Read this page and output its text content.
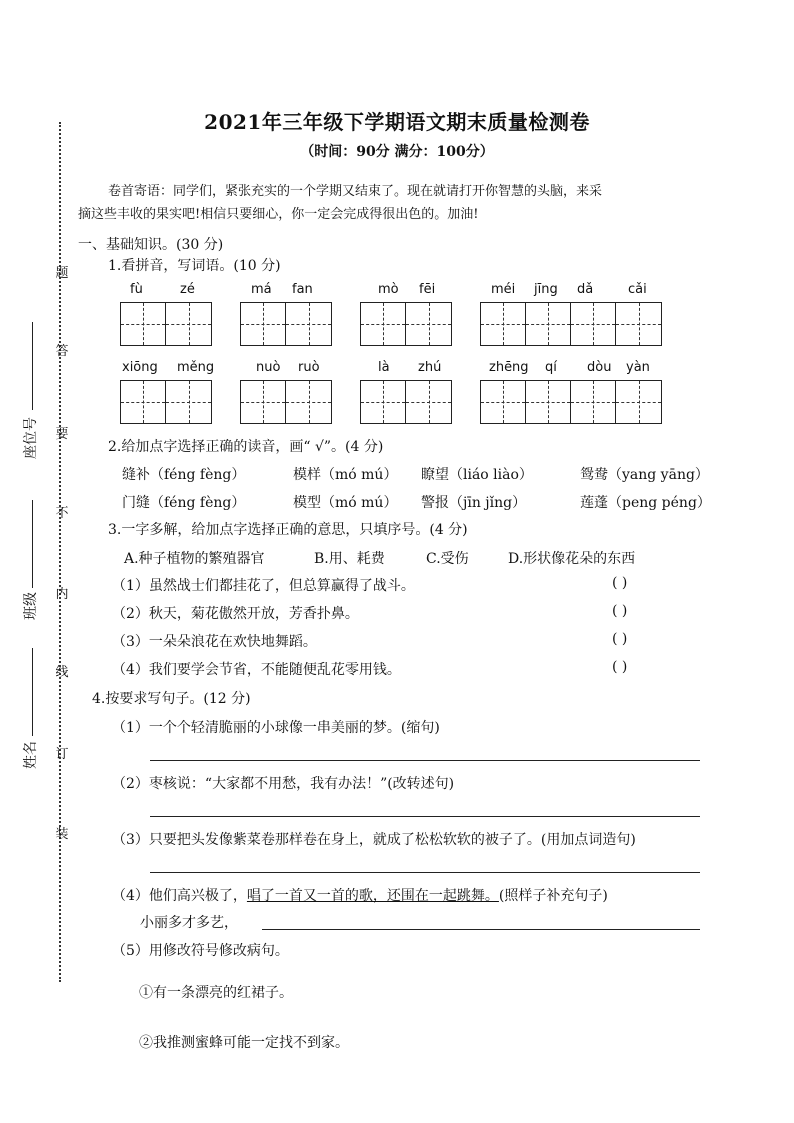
2021年三年级下学期语文期末质量检测卷
（时间：90分 满分：100分）
卷首寄语：同学们，紧张充实的一个学期又结束了。现在就请打开你智慧的头脑，来采
摘这些丰收的果实吧!相信只要细心，你一定会完成得很出色的。加油!
座位号
班级
姓名
题
答
要
不
内
线
订
装
一、基础知识。(30 分)
1.看拼音，写词语。(10 分)
fù	zé	má fan	mò fēi	méi jīng dǎ	cǎi
xiōng měng	nuò ruò	là zhú	zhēng qí dòu yàn
2.给加点字选择正确的读音，画“ √”。(4 分)
缝补（féng fèng）	模样（mó mú） 瞭望（liáo liào）	鸳鸯（yang yāng）
门缝（féng fèng）	模型（mó mú） 警报（jīn jǐng）	莲蓬（peng péng）
3.一字多解，给加点字选择正确的意思，只填序号。(4 分)
A.种子植物的繁殖器官	B.用、耗费	C.受伤	D.形状像花朵的东西
（1）虽然战士们都挂花了，但总算赢得了战斗。	( )
（2）秋天，菊花傲然开放，芳香扑鼻。	( )
（3）一朵朵浪花在欢快地舞蹈。	( )
（4）我们要学会节省，不能随便乱花零用钱。	( )
4.按要求写句子。(12 分)
（1）一个个轻清脆丽的小球像一串美丽的梦。(缩句)
（2）枣核说：“大家都不用愁，我有办法！”(改转述句)
（3）只要把头发像紫菜卷那样卷在身上，就成了松松软软的被子了。(用加点词造句)
（4）他们高兴极了，唱了一首又一首的歌，还围在一起跳舞。(照样子补充句子)
小丽多才多艺，
（5）用修改符号修改病句。
①有一条漂亮的红裙子。
②我推测蜜蜂可能一定找不到家。
